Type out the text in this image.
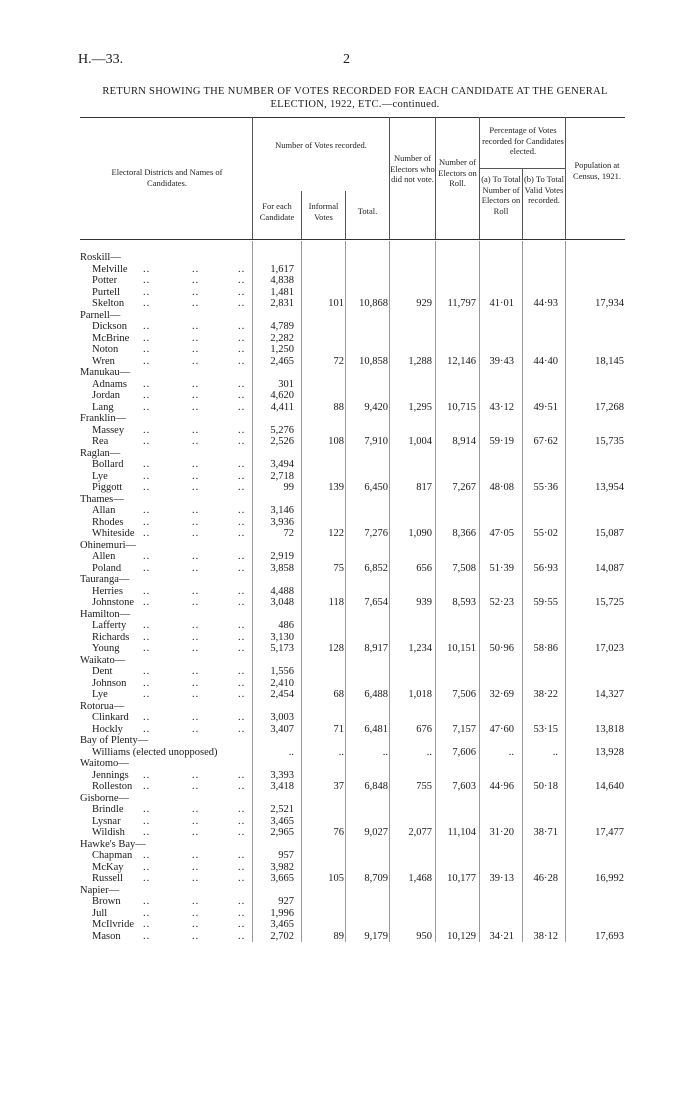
H.—33.	2
RETURN SHOWING THE NUMBER OF VOTES RECORDED FOR EACH CANDIDATE AT THE GENERAL
ELECTION, 1922, ETC.—continued.
Electoral Districts and Names of Candidates.
Number of Votes recorded.
For each Candidate
Informal Votes
Total.
Number of Electors who did not vote.
Number of Electors on Roll.
Percentage of Votes recorded for Candidates elected.
(a) To Total Number of Electors on Roll
(b) To Total Valid Votes recorded.
Population at Census, 1921.
Roskill—
Melville ..	..	..	1,617
Potter ..	..	..	4,838
Purtell ..	..	..	1,481
Skelton ..	..	..	2,831	101	10,868	929	11,797	41·01	44·93	17,934
Parnell—
Dickson ..	..	..	4,789
McBrine ..	..	..	2,282
Noton ..	..	..	1,250
Wren	..	..	..	2,465	72	10,858	1,288	12,146	39·43	44·40	18,145
Manukau—
Adnams ..	..	..	301
Jordan ..	..	..	4,620
Lang	..	..	..	4,411	88	9,420	1,295	10,715	43·12	49·51	17,268
Franklin—
Massey ..	..	..	5,276
Rea	..	..	..	2,526	108	7,910	1,004	8,914	59·19	67·62	15,735
Raglan—
Bollard ..	..	..	3,494
Lye	..	..	..	2,718
Piggott ..	..	..	99	139	6,450	817	7,267	48·08	55·36	13,954
Thames—
Allan	..	..	..	3,146
Rhodes ..	..	..	3,936
Whiteside ..	..	..	72	122	7,276	1,090	8,366	47·05	55·02	15,087
Ohinemuri—
Allen	..	..	..	2,919
Poland ..	..	..	3,858	75	6,852	656	7,508	51·39	56·93	14,087
Tauranga—
Herries ..	..	..	4,488
Johnstone ..	..	..	3,048	118	7,654	939	8,593	52·23	59·55	15,725
Hamilton—
Lafferty ..	..	..	486
Richards ..	..	..	3,130
Young ..	..	..	5,173	128	8,917	1,234	10,151	50·96	58·86	17,023
Waikato—
Dent	..	..	..	1,556
Johnson ..	..	..	2,410
Lye	..	..	..	2,454	68	6,488	1,018	7,506	32·69	38·22	14,327
Rotorua—
Clinkard ..	..	..	3,003
Hockly ..	..	..	3,407	71	6,481	676	7,157	47·60	53·15	13,818
Bay of Plenty—
Williams (elected unopposed)	..	..	..	..	7,606	..	..	13,928
Waitomo—
Jennings ..	..	..	3,393
Rolleston ..	..	..	3,418	37	6,848	755	7,603	44·96	50·18	14,640
Gisborne—
Brindle ..	..	..	2,521
Lysnar ..	..	..	3,465
Wildish ..	..	..	2,965	76	9,027	2,077	11,104	31·20	38·71	17,477
Hawke's Bay—
Chapman ..	..	..	957
McKay ..	..	..	3,982
Russell ..	..	..	3,665	105	8,709	1,468	10,177	39·13	46·28	16,992
Napier—
Brown ..	..	..	927
Jull	..	..	..	1,996
McIlvride ..	..	..	3,465
Mason ..	..	..	2,702	89	9,179	950	10,129	34·21	38·12	17,693
